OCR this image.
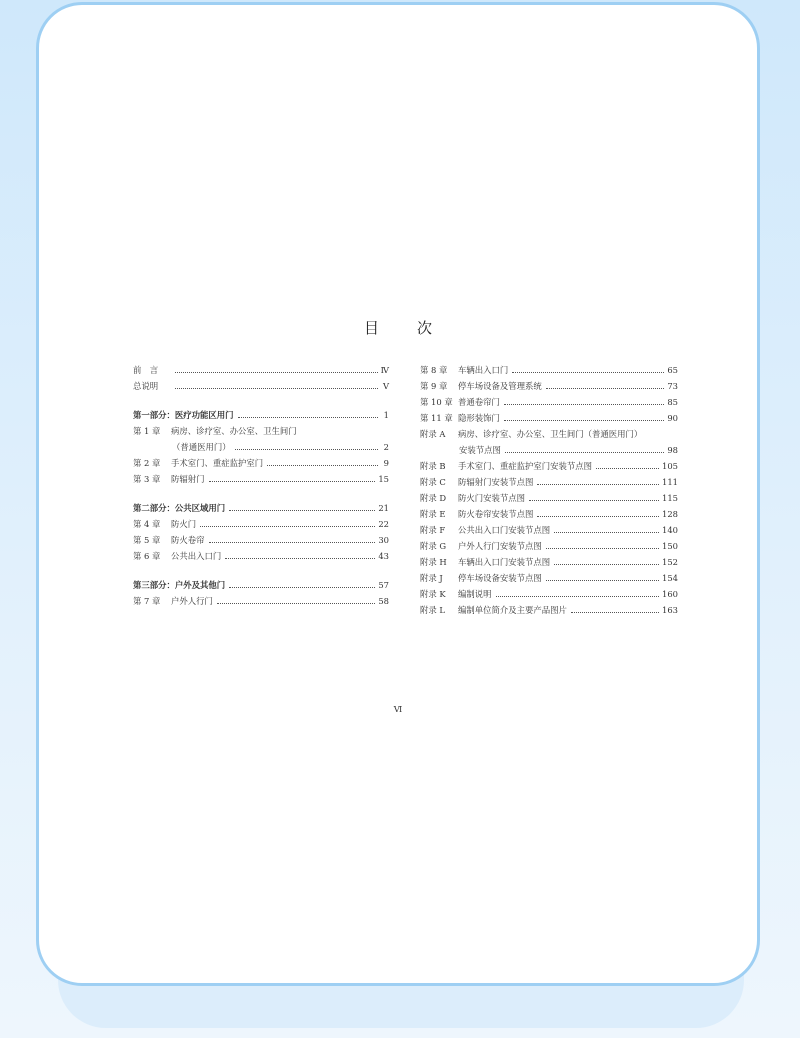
目	次
前　言	Ⅳ
总说明	Ⅴ
第一部分：医疗功能区用门	1
第 1 章	病房、诊疗室、办公室、卫生间门
（普通医用门）	2
第 2 章	手术室门、重症监护室门	9
第 3 章	防辐射门	15
第二部分：公共区域用门	21
第 4 章	防火门	22
第 5 章	防火卷帘	30
第 6 章	公共出入口门	43
第三部分：户外及其他门	57
第 7 章	户外人行门	58
第 8 章	车辆出入口门	65
第 9 章	停车场设备及管理系统	73
第 10 章 普通卷帘门	85
第 11 章 隐形装饰门	90
附录 A	病房、诊疗室、办公室、卫生间门（普通医用门）
安装节点图	98
附录 B	手术室门、重症监护室门安装节点图	105
附录 C	防辐射门安装节点图	111
附录 D	防火门安装节点图	115
附录 E	防火卷帘安装节点图	128
附录 F	公共出入口门安装节点图	140
附录 G	户外人行门安装节点图	150
附录 H	车辆出入口门安装节点图	152
附录 J	停车场设备安装节点图	154
附录 K	编制说明	160
附录 L	编制单位简介及主要产品图片	163
Ⅵ
